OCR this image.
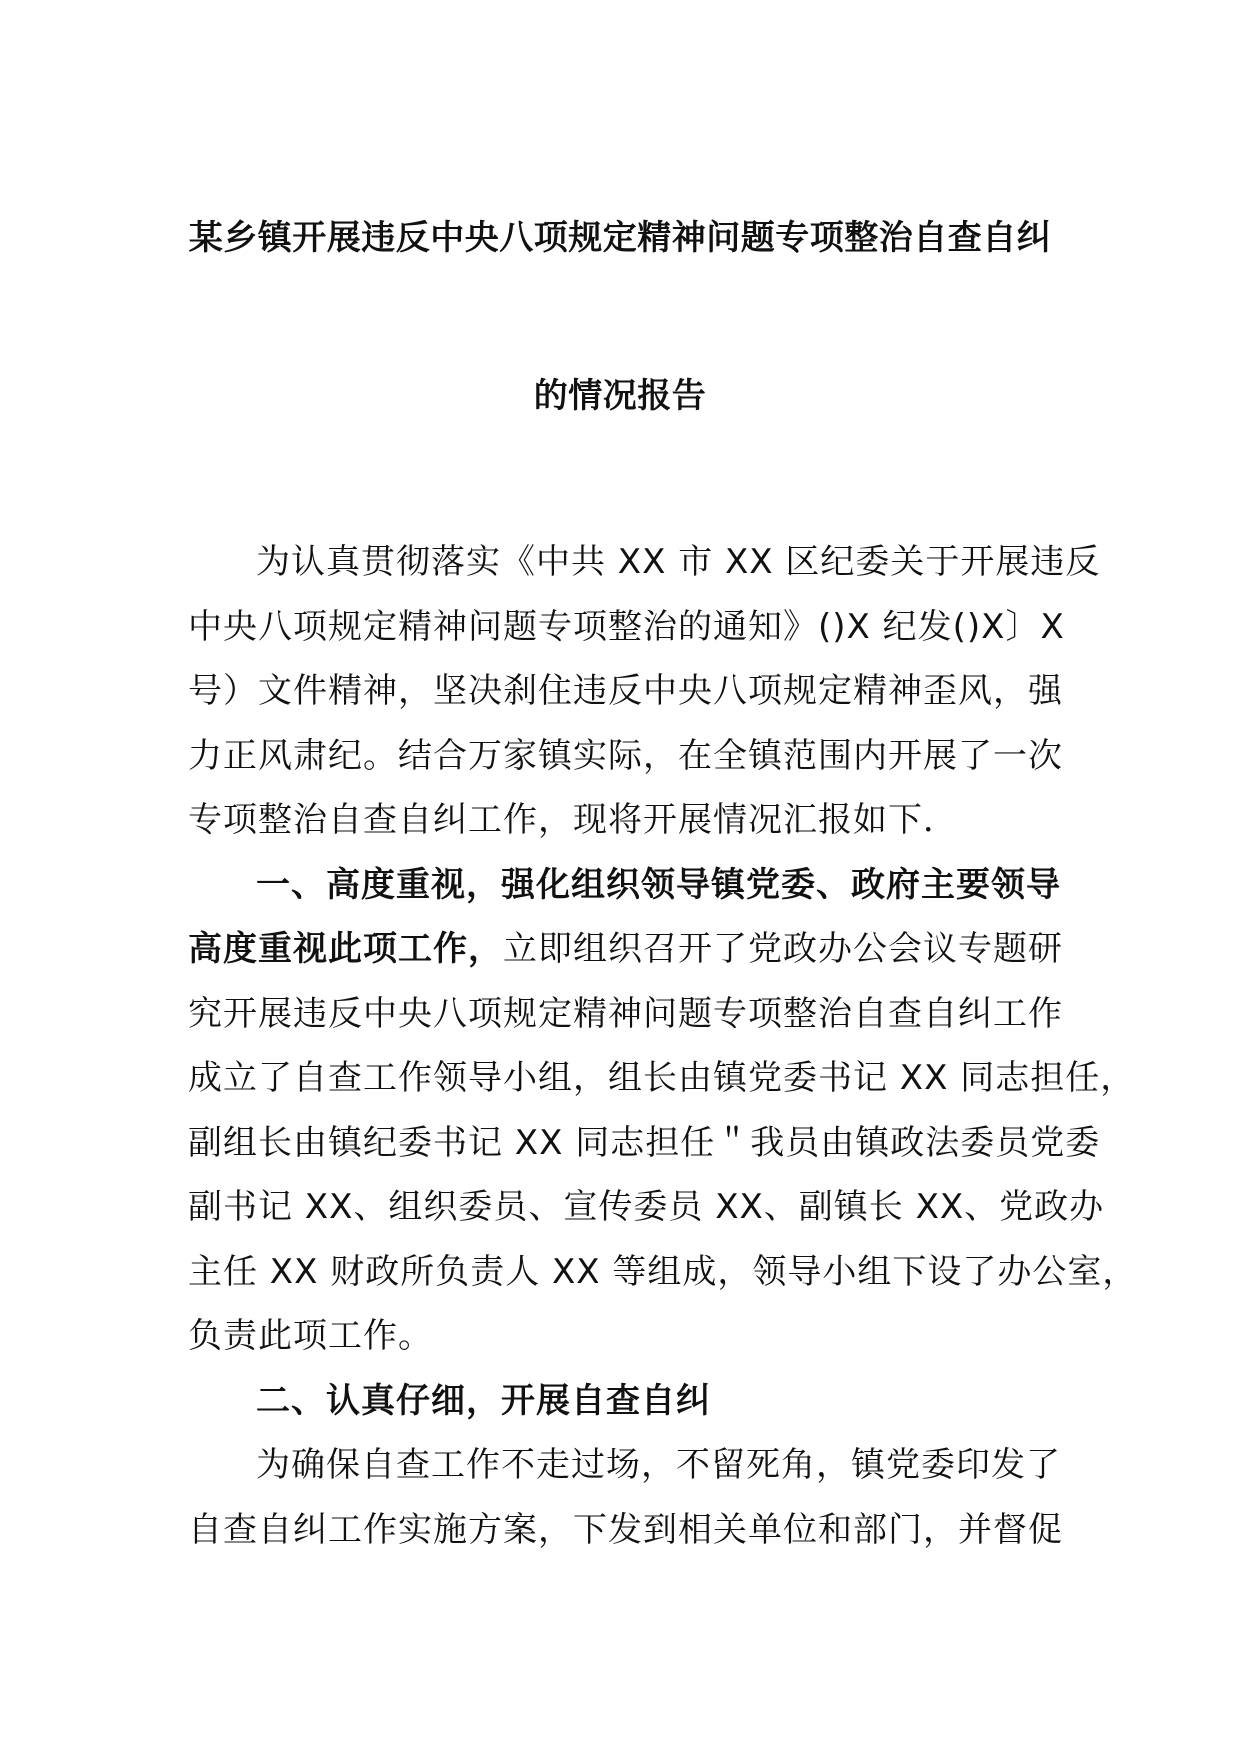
某乡镇开展违反中央八项规定精神问题专项整治自查自纠
的情况报告
为认真贯彻落实《中共 XX 市 XX 区纪委关于开展违反
中央八项规定精神问题专项整治的通知》()X 纪发()X〕X
号）文件精神，坚决刹住违反中央八项规定精神歪风，强
力正风肃纪。结合万家镇实际，在全镇范围内开展了一次
专项整治自查自纠工作，现将开展情况汇报如下．
一、高度重视，强化组织领导镇党委、政府主要领导
高度重视此项工作，立即组织召开了党政办公会议专题研
究开展违反中央八项规定精神问题专项整治自查自纠工作
成立了自查工作领导小组，组长由镇党委书记 XX 同志担任，
副组长由镇纪委书记 XX 同志担任＂我员由镇政法委员党委
副书记 XX、组织委员、宣传委员 XX、副镇长 XX、党政办
主任 XX 财政所负责人 XX 等组成，领导小组下设了办公室，
负责此项工作。
二、认真仔细，开展自查自纠
为确保自查工作不走过场，不留死角，镇党委印发了
自查自纠工作实施方案，下发到相关单位和部门，并督促
